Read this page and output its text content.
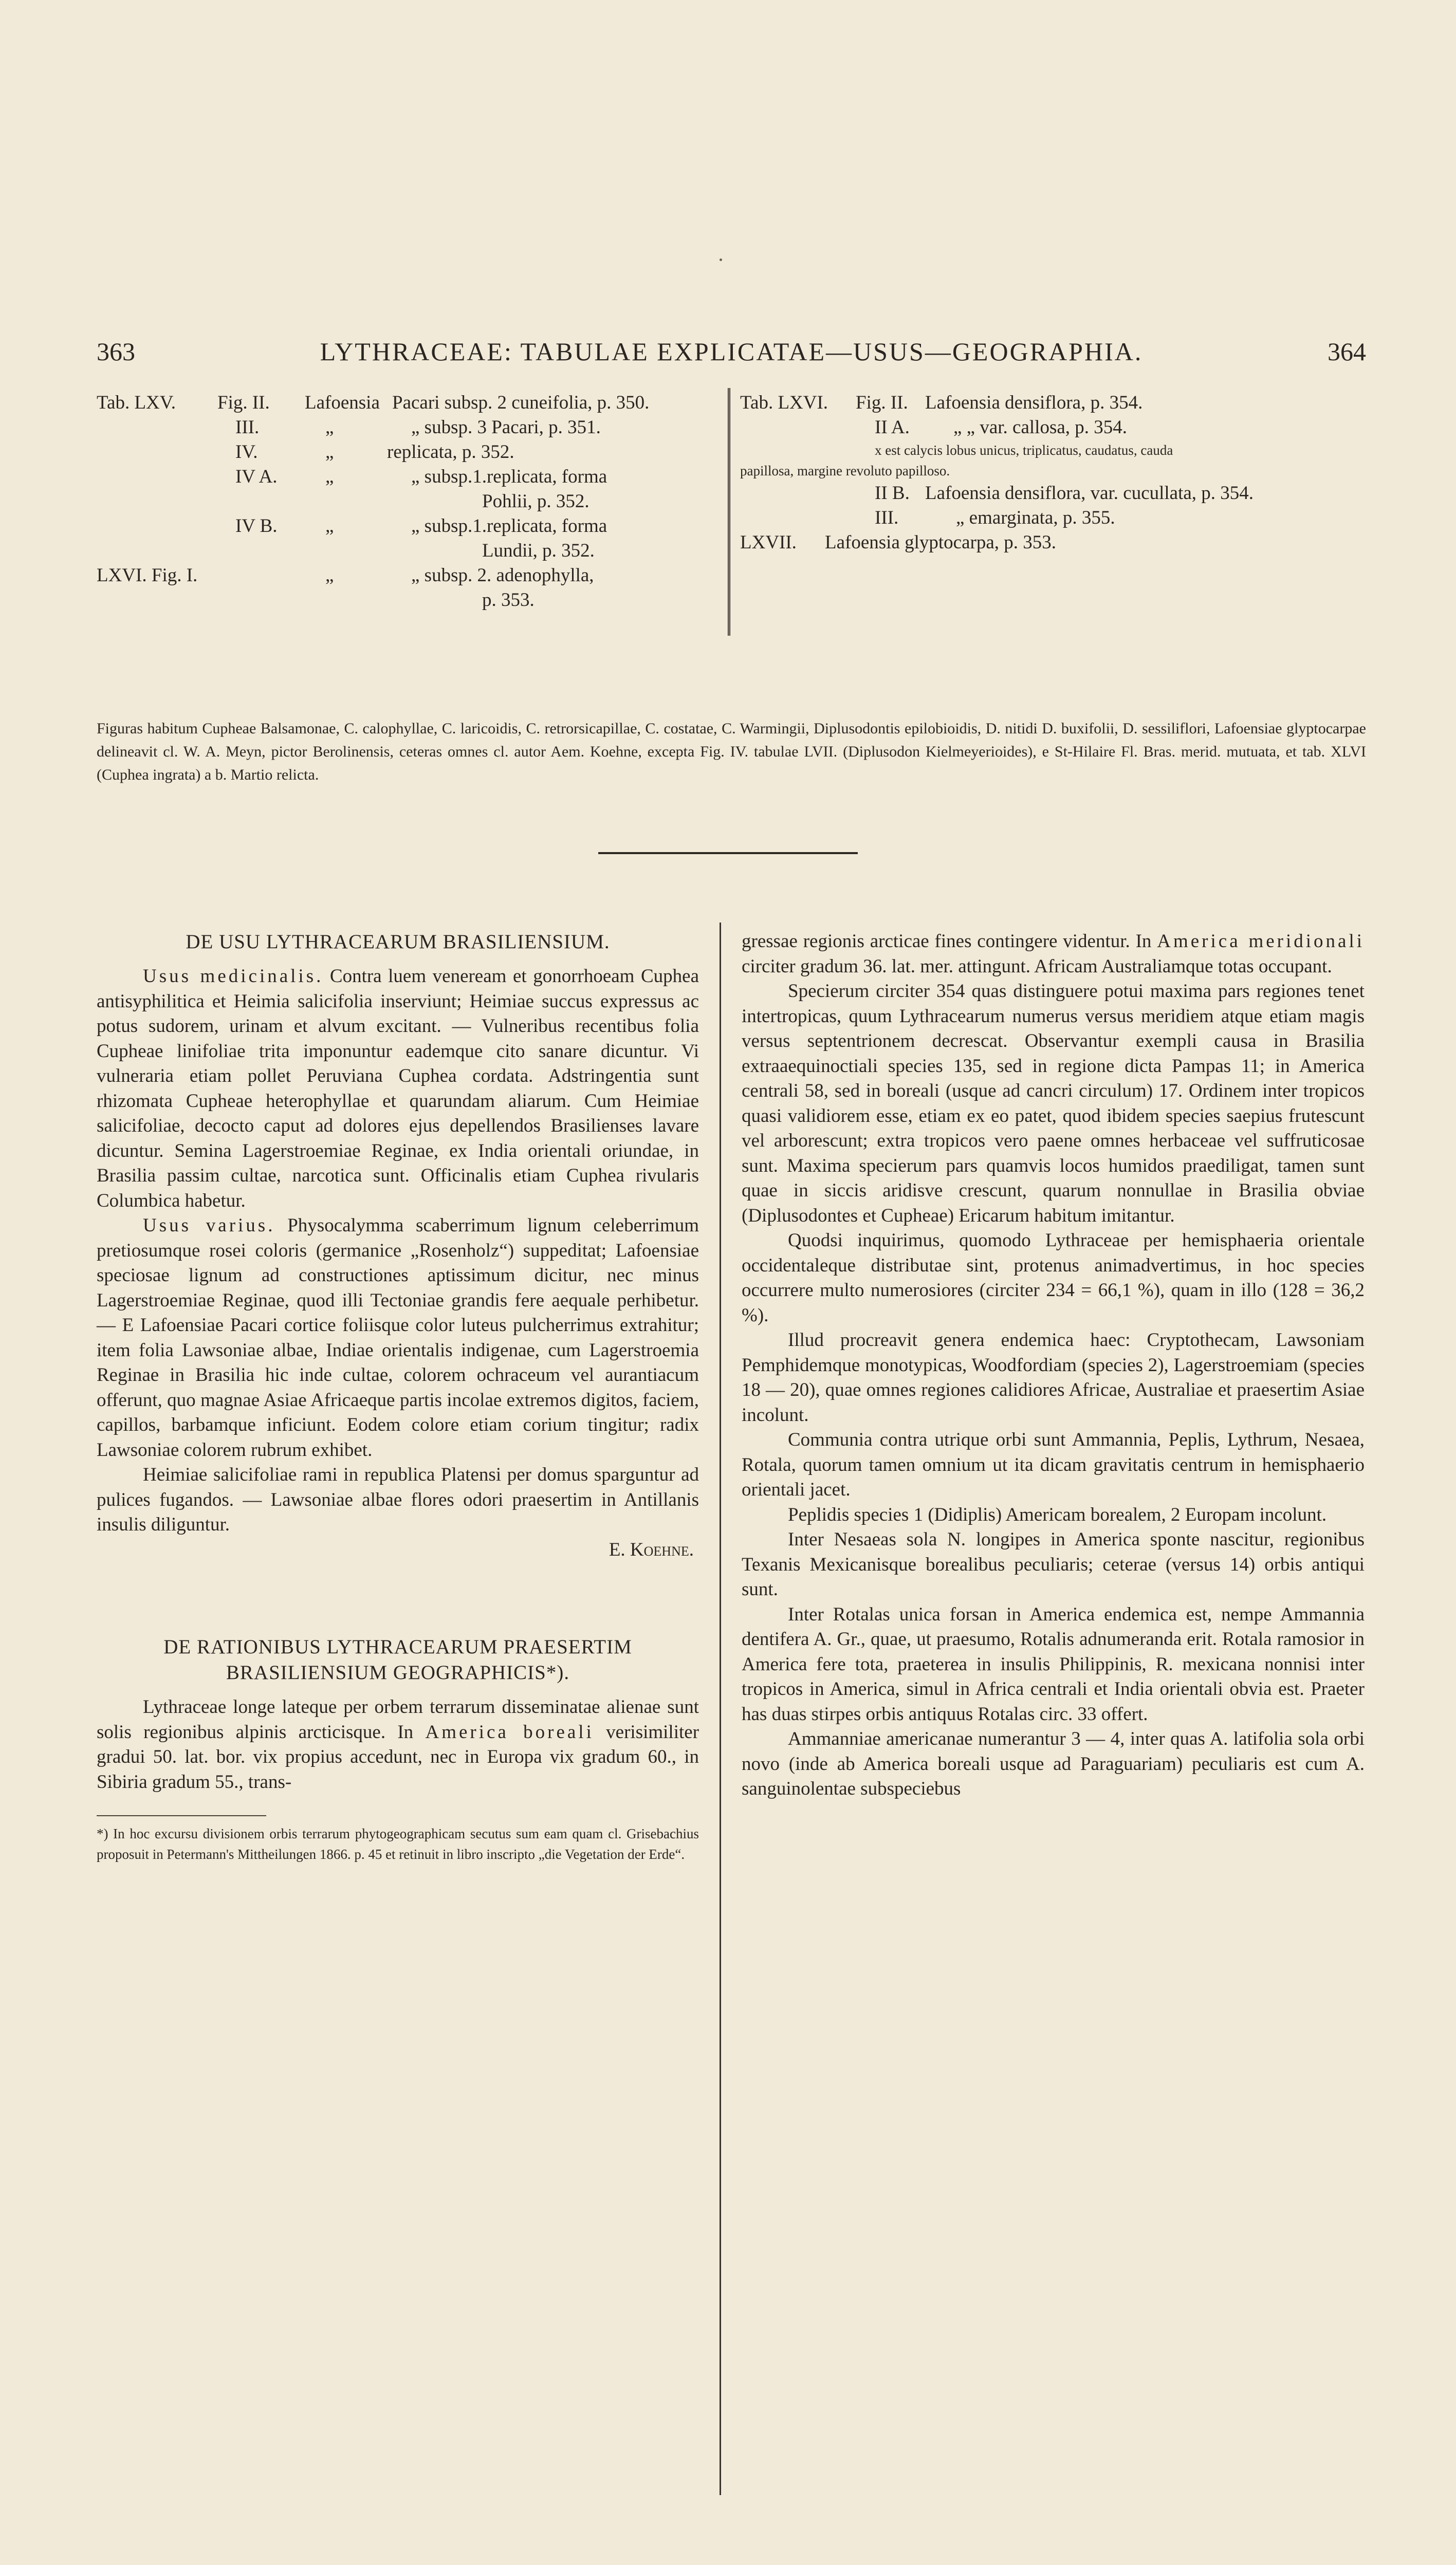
363	LYTHRACEAE: TABULAE EXPLICATAE—USUS—GEOGRAPHIA.	364
Tab. LXV. Fig. II. Lafoensia Pacari subsp. 2 cuneifolia, p. 350.
III.	„	„ subsp. 3 Pacari, p. 351.
IV.	„	replicata, p. 352.
IV A.	„	„ subsp.1.replicata, forma
Pohlii, p. 352.
IV B.	„	„ subsp.1.replicata, forma
Lundii, p. 352.
LXVI. Fig. I.	„	„ subsp. 2. adenophylla,
p. 353.
Tab. LXVI. Fig. II. Lafoensia densiflora, p. 354.
II A. „ „ var. callosa, p. 354.
x est calycis lobus unicus, triplicatus, caudatus, cauda
papillosa, margine revoluto papilloso.
II B. Lafoensia densiflora, var. cucullata, p. 354.
III.	„ emarginata, p. 355.
LXVII. Lafoensia glyptocarpa, p. 353.

Figuras habitum Cupheae Balsamonae, C. calophyllae, C. laricoidis, C. retrorsicapillae, C. costatae, C. Warmingii, Diplusodontis epilobioidis, D. nitidi D. buxifolii, D. sessiliflori, Lafoensiae glyptocarpae delineavit cl. W. A. Meyn, pictor Berolinensis, ceteras omnes cl. autor Aem. Koehne, excepta Fig. IV. tabulae LVII. (Diplusodon Kielmeyerioides), e St-Hilaire Fl. Bras. merid. mutuata, et tab. XLVI (Cuphea ingrata) a b. Martio relicta.

DE USU LYTHRACEARUM BRASILIENSIUM.

Usus medicinalis. Contra luem veneream et gonorrhoeam Cuphea antisyphilitica et Heimia salicifolia inserviunt; Heimiae succus expressus ac potus sudorem, urinam et alvum excitant. — Vulneribus recentibus folia Cupheae linifoliae trita imponuntur eademque cito sanare dicuntur. Vi vulneraria etiam pollet Peruviana Cuphea cordata. Adstringentia sunt rhizomata Cupheae heterophyllae et quarundam aliarum. Cum Heimiae salicifoliae, decocto caput ad dolores ejus depellendos Brasilienses lavare dicuntur. Semina Lagerstroemiae Reginae, ex India orientali oriundae, in Brasilia passim cultae, narcotica sunt. Officinalis etiam Cuphea rivularis Columbica habetur.

Usus varius. Physocalymma scaberrimum lignum celeberrimum pretiosumque rosei coloris (germanice „Rosenholz“) suppeditat; Lafoensiae speciosae lignum ad constructiones aptissimum dicitur, nec minus Lagerstroemiae Reginae, quod illi Tectoniae grandis fere aequale perhibetur. — E Lafoensiae Pacari cortice foliisque color luteus pulcherrimus extrahitur; item folia Lawsoniae albae, Indiae orientalis indigenae, cum Lagerstroemia Reginae in Brasilia hic inde cultae, colorem ochraceum vel aurantiacum offerunt, quo magnae Asiae Africaeque partis incolae extremos digitos, faciem, capillos, barbamque inficiunt. Eodem colore etiam corium tingitur; radix Lawsoniae colorem rubrum exhibet.

Heimiae salicifoliae rami in republica Platensi per domus sparguntur ad pulices fugandos. — Lawsoniae albae flores odori praesertim in Antillanis insulis diliguntur.

E. Koehne.

DE RATIONIBUS LYTHRACEARUM PRAESERTIM BRASILIENSIUM GEOGRAPHICIS*).

Lythraceae longe lateque per orbem terrarum disseminatae alienae sunt solis regionibus alpinis arcticisque. In America boreali verisimiliter gradui 50. lat. bor. vix propius accedunt, nec in Europa vix gradum 60., in Sibiria gradum 55., trans-

*) In hoc excursu divisionem orbis terrarum phytogeographicam secutus sum eam quam cl. Grisebachius proposuit in Petermann's Mittheilungen 1866. p. 45 et retinuit in libro inscripto „die Vegetation der Erde“.

gressae regionis arcticae fines contingere videntur. In America meridionali circiter gradum 36. lat. mer. attingunt. Africam Australiamque totas occupant.

Specierum circiter 354 quas distinguere potui maxima pars regiones tenet intertropicas, quum Lythracearum numerus versus meridiem atque etiam magis versus septentrionem decrescat. Observantur exempli causa in Brasilia extraaequinoctiali species 135, sed in regione dicta Pampas 11; in America centrali 58, sed in boreali (usque ad cancri circulum) 17. Ordinem inter tropicos quasi validiorem esse, etiam ex eo patet, quod ibidem species saepius frutescunt vel arborescunt; extra tropicos vero paene omnes herbaceae vel suffruticosae sunt. Maxima specierum pars quamvis locos humidos praediligat, tamen sunt quae in siccis aridisve crescunt, quarum nonnullae in Brasilia obviae (Diplusodontes et Cupheae) Ericarum habitum imitantur.

Quodsi inquirimus, quomodo Lythraceae per hemisphaeria orientale occidentaleque distributae sint, protenus animadvertimus, in hoc species occurrere multo numerosiores (circiter 234 = 66,1 %), quam in illo (128 = 36,2 %).

Illud procreavit genera endemica haec: Cryptothecam, Lawsoniam Pemphidemque monotypicas, Woodfordiam (species 2), Lagerstroemiam (species 18 — 20), quae omnes regiones calidiores Africae, Australiae et praesertim Asiae incolunt.

Communia contra utrique orbi sunt Ammannia, Peplis, Lythrum, Nesaea, Rotala, quorum tamen omnium ut ita dicam gravitatis centrum in hemisphaerio orientali jacet.

Peplidis species 1 (Didiplis) Americam borealem, 2 Europam incolunt.

Inter Nesaeas sola N. longipes in America sponte nascitur, regionibus Texanis Mexicanisque borealibus peculiaris; ceterae (versus 14) orbis antiqui sunt.

Inter Rotalas unica forsan in America endemica est, nempe Ammannia dentifera A. Gr., quae, ut praesumo, Rotalis adnumeranda erit. Rotala ramosior in America fere tota, praeterea in insulis Philippinis, R. mexicana nonnisi inter tropicos in America, simul in Africa centrali et India orientali obvia est. Praeter has duas stirpes orbis antiquus Rotalas circ. 33 offert.

Ammanniae americanae numerantur 3 — 4, inter quas A. latifolia sola orbi novo (inde ab America boreali usque ad Paraguariam) peculiaris est cum A. sanguinolentae subspeciebus
